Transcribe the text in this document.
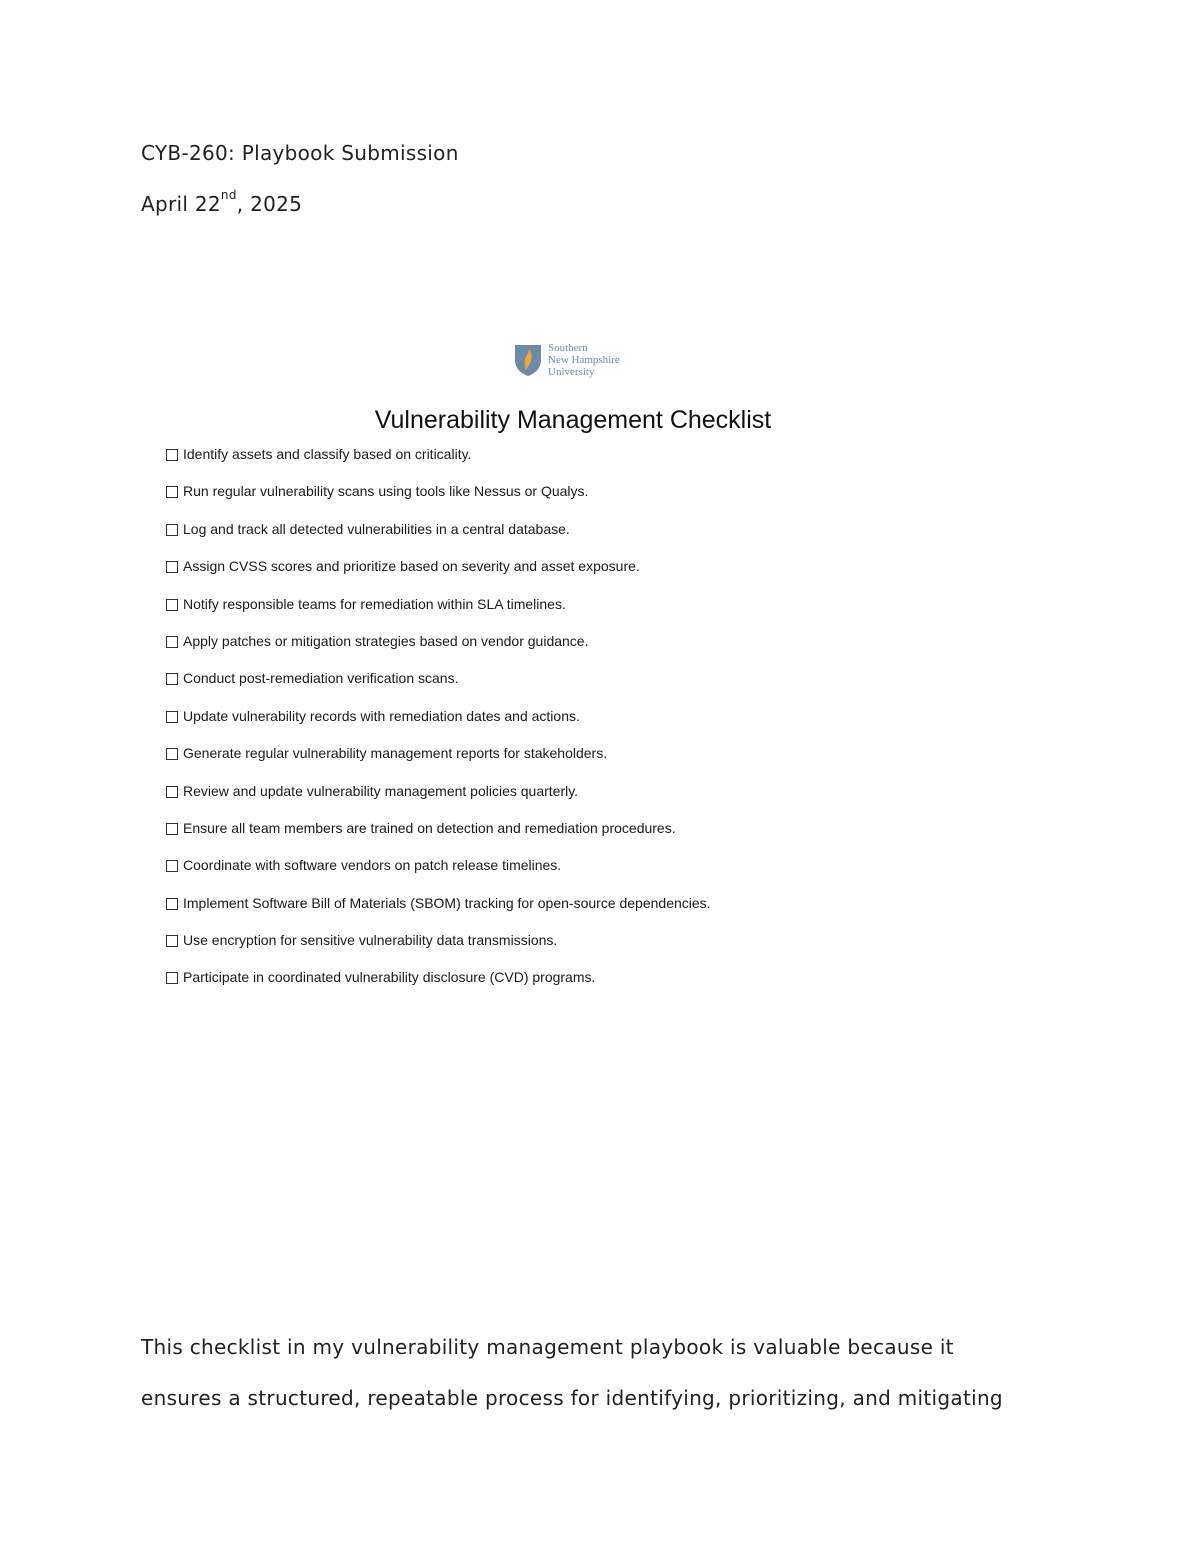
CYB-260: Playbook Submission
April 22nd, 2025
Southern
New Hampshire
University
Vulnerability Management Checklist
Identify assets and classify based on criticality.
Run regular vulnerability scans using tools like Nessus or Qualys.
Log and track all detected vulnerabilities in a central database.
Assign CVSS scores and prioritize based on severity and asset exposure.
Notify responsible teams for remediation within SLA timelines.
Apply patches or mitigation strategies based on vendor guidance.
Conduct post-remediation verification scans.
Update vulnerability records with remediation dates and actions.
Generate regular vulnerability management reports for stakeholders.
Review and update vulnerability management policies quarterly.
Ensure all team members are trained on detection and remediation procedures.
Coordinate with software vendors on patch release timelines.
Implement Software Bill of Materials (SBOM) tracking for open-source dependencies.
Use encryption for sensitive vulnerability data transmissions.
Participate in coordinated vulnerability disclosure (CVD) programs.

This checklist in my vulnerability management playbook is valuable because it
ensures a structured, repeatable process for identifying, prioritizing, and mitigating
